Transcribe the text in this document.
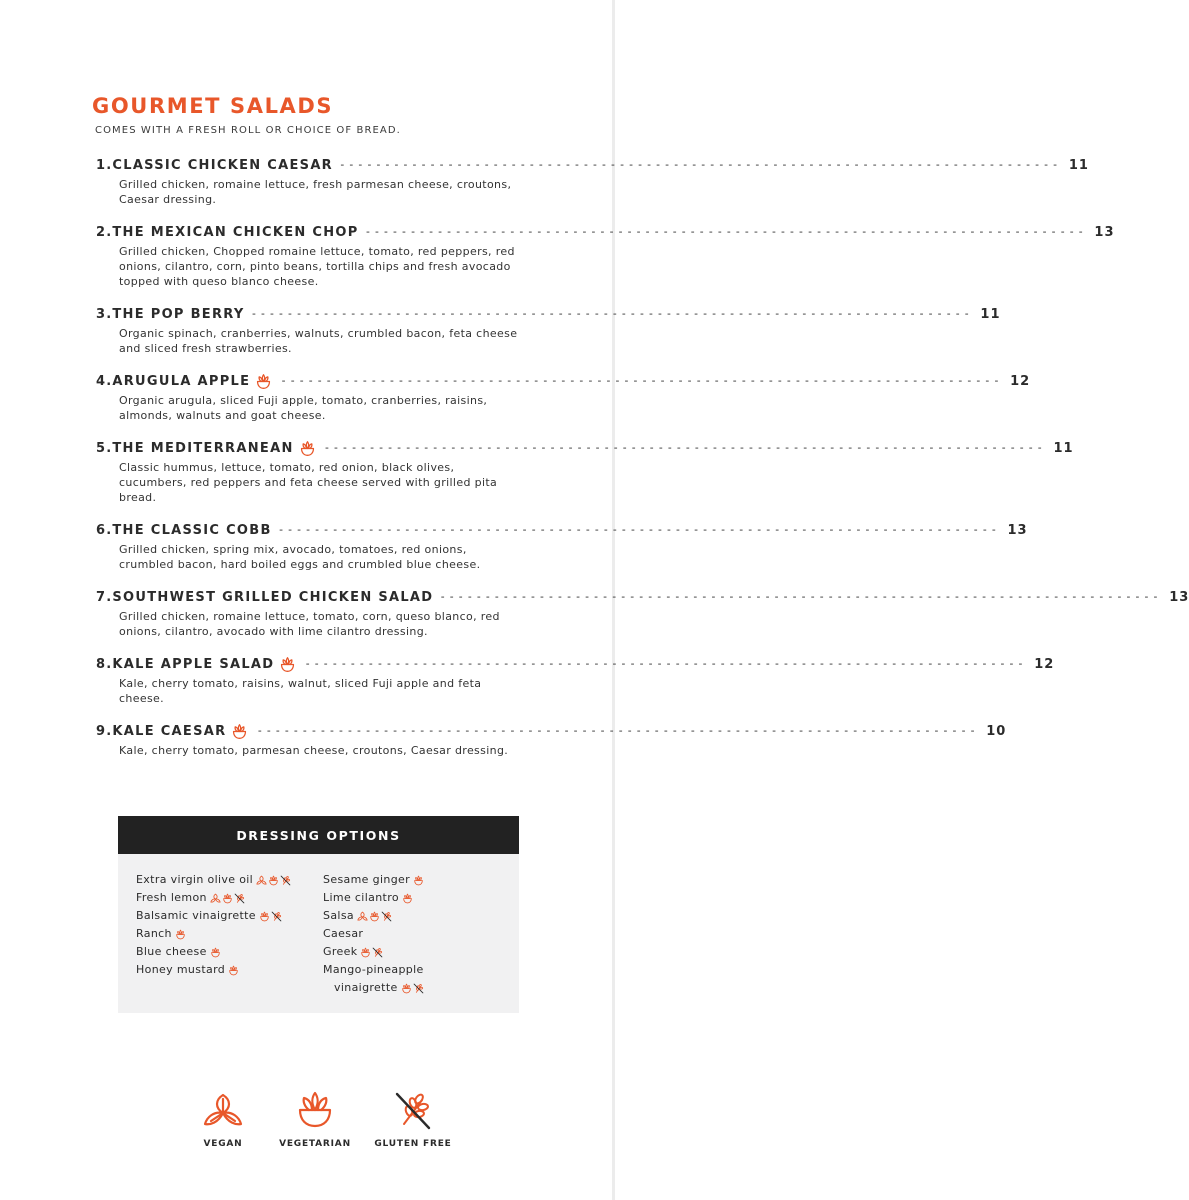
GOURMET SALADS
COMES WITH A FRESH ROLL OR CHOICE OF BREAD.
1. CLASSIC CHICKEN CAESAR -------------------------------------------------------------------------------- 11
Grilled chicken, romaine lettuce, fresh parmesan cheese, croutons, Caesar dressing.
2. THE MEXICAN CHICKEN CHOP -------------------------------------------------------------------------------- 13
Grilled chicken, Chopped romaine lettuce, tomato, red peppers, red onions, cilantro, corn, pinto beans, tortilla chips and fresh avocado topped with queso blanco cheese.
3. THE POP BERRY -------------------------------------------------------------------------------- 11
Organic spinach, cranberries, walnuts, crumbled bacon, feta cheese and sliced fresh strawberries.
4. ARUGULA APPLE	-------------------------------------------------------------------------------- 12
Organic arugula, sliced Fuji apple, tomato, cranberries, raisins, almonds, walnuts and goat cheese.
5. THE MEDITERRANEAN	-------------------------------------------------------------------------------- 11
Classic hummus, lettuce, tomato, red onion, black olives, cucumbers, red peppers and feta cheese served with grilled pita bread.
6. THE CLASSIC COBB -------------------------------------------------------------------------------- 13
Grilled chicken, spring mix, avocado, tomatoes, red onions, crumbled bacon, hard boiled eggs and crumbled blue cheese.
7. SOUTHWEST GRILLED CHICKEN SALAD -------------------------------------------------------------------------------- 13
Grilled chicken, romaine lettuce, tomato, corn, queso blanco, red onions, cilantro, avocado with lime cilantro dressing.
8. KALE APPLE SALAD	-------------------------------------------------------------------------------- 12
Kale, cherry tomato, raisins, walnut, sliced Fuji apple and feta cheese.
9. KALE CAESAR	-------------------------------------------------------------------------------- 10
Kale, cherry tomato, parmesan cheese, croutons, Caesar dressing.
DRESSING OPTIONS
Extra virgin olive oil
Fresh lemon
Balsamic vinaigrette
Ranch
Blue cheese
Honey mustard
Sesame ginger
Lime cilantro
Salsa
Caesar
Greek
Mango-pineapple
vinaigrette
VEGAN	VEGETARIAN	GLUTEN FREE
